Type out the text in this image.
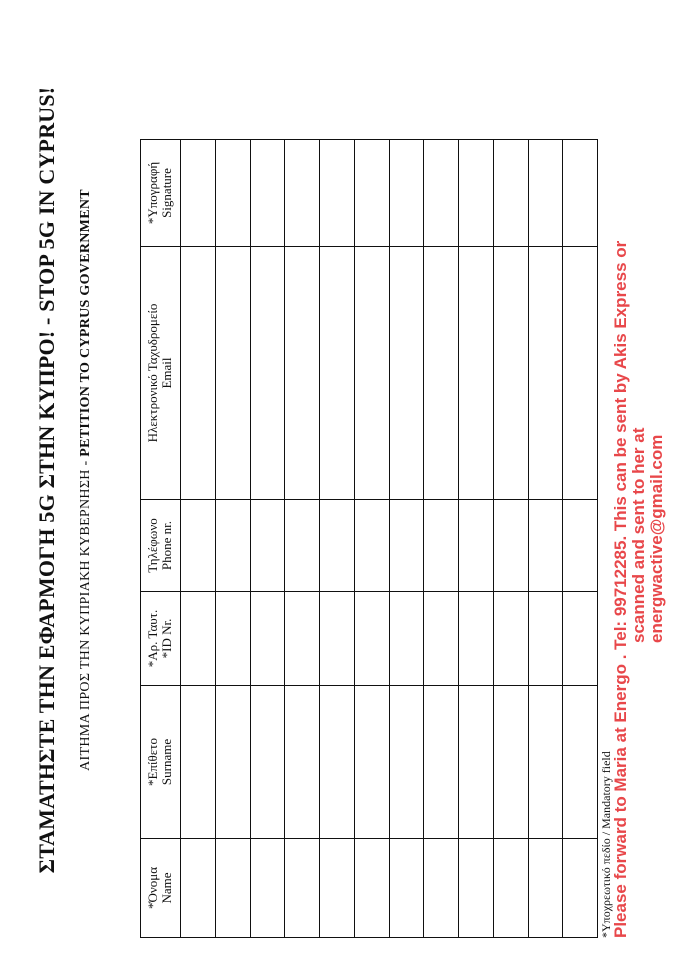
ΣΤΑΜΑΤΗΣΤΕ ΤΗΝ ΕΦΑΡΜΟΓΗ 5G ΣΤΗΝ ΚΥΠΡΟ! - STOP 5G IN CYPRUS! ΑΙΤΗΜΑ ΠΡΟΣ ΤΗΝ ΚΥΠΡΙΑΚΗ ΚΥΒΕΡΝΗΣΗ - PETITION TO CYPRUS GOVERNMENT
*Όνομα Name	*Επίθετο Surname	*Αρ. Ταυτ. *ID Nr.	Τηλέφωνο Phone nr.	Ηλεκτρονικό Ταχυδρομείο Email	*Υπογραφή Signature

*Υποχρεωτικό πεδίο / Mandatory field
Please forward to Maria at Energo . Tel: 99712285. This can be sent by Akis Express or scanned and sent to her at energwactive@gmail.com
